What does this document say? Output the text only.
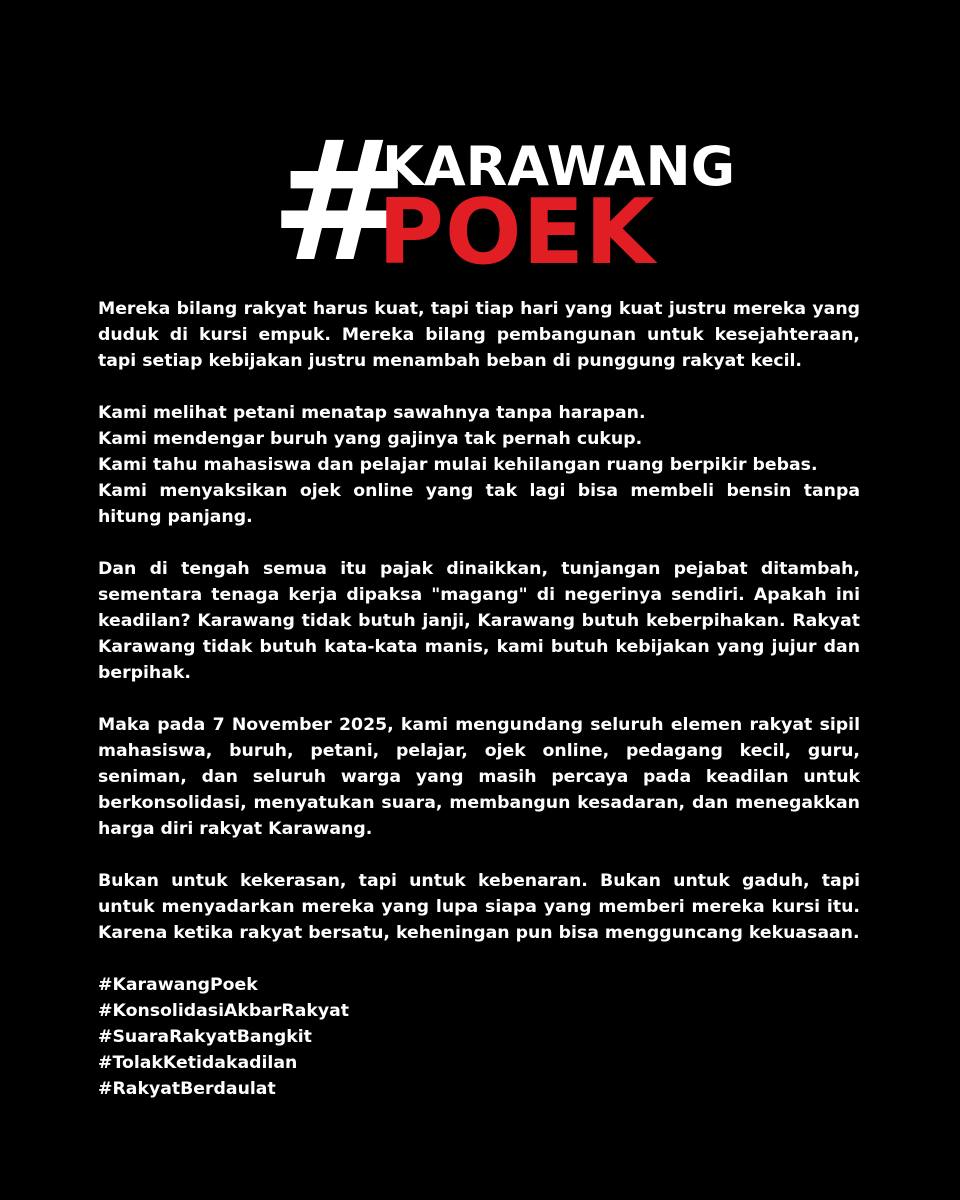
#
KARAWANG
POEK

Mereka bilang rakyat harus kuat, tapi tiap hari yang kuat justru mereka yang duduk di kursi empuk. Mereka bilang pembangunan untuk kesejahteraan, tapi setiap kebijakan justru menambah beban di punggung rakyat kecil.

Kami melihat petani menatap sawahnya tanpa harapan.
Kami mendengar buruh yang gajinya tak pernah cukup.
Kami tahu mahasiswa dan pelajar mulai kehilangan ruang berpikir bebas.
Kami menyaksikan ojek online yang tak lagi bisa membeli bensin tanpa hitung panjang.

Dan di tengah semua itu pajak dinaikkan, tunjangan pejabat ditambah, sementara tenaga kerja dipaksa "magang" di negerinya sendiri. Apakah ini keadilan? Karawang tidak butuh janji, Karawang butuh keberpihakan. Rakyat Karawang tidak butuh kata-kata manis, kami butuh kebijakan yang jujur dan berpihak.

Maka pada 7 November 2025, kami mengundang seluruh elemen rakyat sipil mahasiswa, buruh, petani, pelajar, ojek online, pedagang kecil, guru, seniman, dan seluruh warga yang masih percaya pada keadilan untuk berkonsolidasi, menyatukan suara, membangun kesadaran, dan menegakkan harga diri rakyat Karawang.

Bukan untuk kekerasan, tapi untuk kebenaran. Bukan untuk gaduh, tapi untuk menyadarkan mereka yang lupa siapa yang memberi mereka kursi itu. Karena ketika rakyat bersatu, keheningan pun bisa mengguncang kekuasaan.

#KarawangPoek
#KonsolidasiAkbarRakyat
#SuaraRakyatBangkit
#TolakKetidakadilan
#RakyatBerdaulat
